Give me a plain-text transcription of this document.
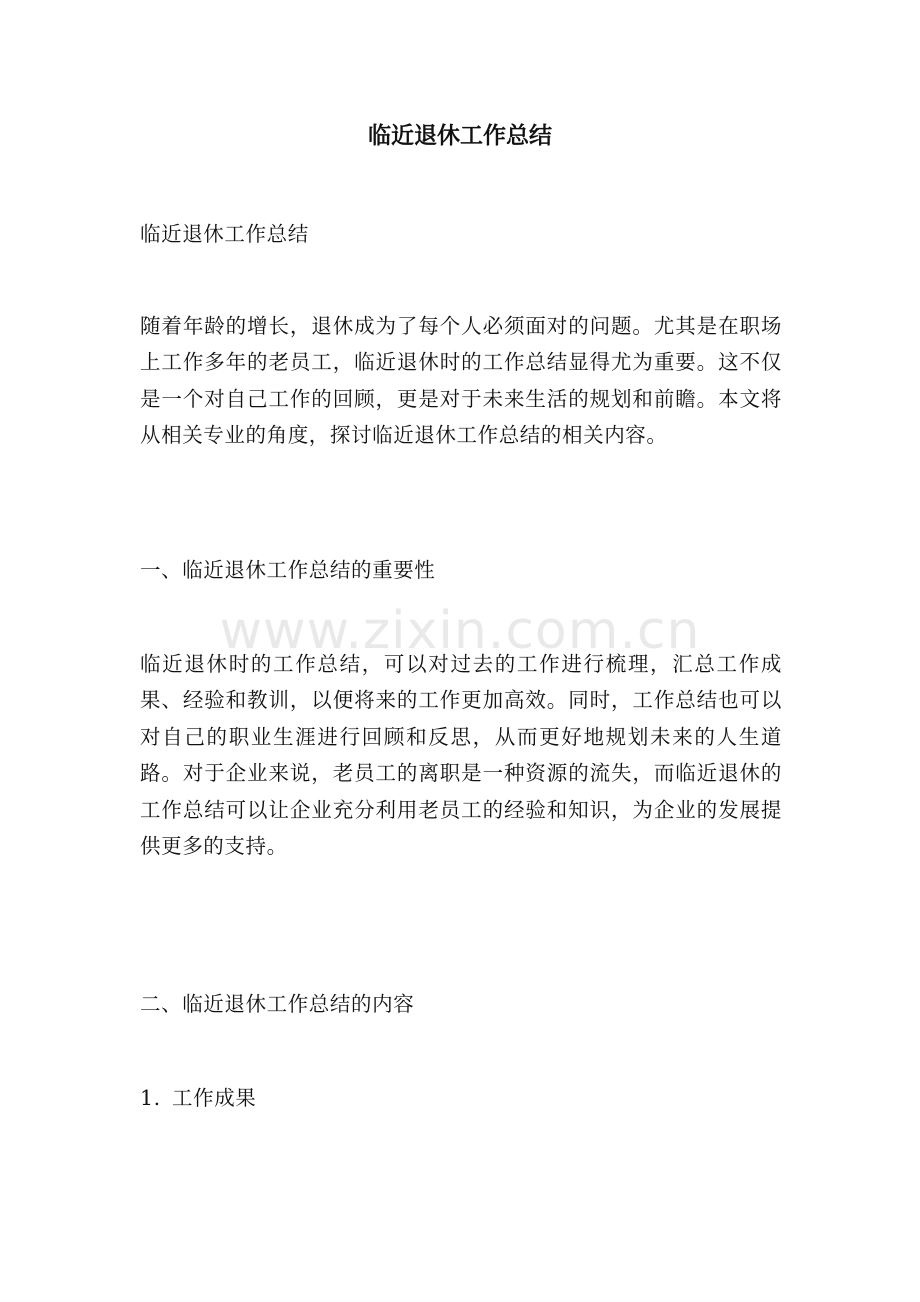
临近退休工作总结

临近退休工作总结

随着年龄的增长，退休成为了每个人必须面对的问题。尤其是在职场上工作多年的老员工，临近退休时的工作总结显得尤为重要。这不仅是一个对自己工作的回顾，更是对于未来生活的规划和前瞻。本文将从相关专业的角度，探讨临近退休工作总结的相关内容。

一、临近退休工作总结的重要性

临近退休时的工作总结，可以对过去的工作进行梳理，汇总工作成果、经验和教训，以便将来的工作更加高效。同时，工作总结也可以对自己的职业生涯进行回顾和反思，从而更好地规划未来的人生道路。对于企业来说，老员工的离职是一种资源的流失，而临近退休的工作总结可以让企业充分利用老员工的经验和知识，为企业的发展提供更多的支持。

二、临近退休工作总结的内容

1. 工作成果

www.zixin.com.cn
